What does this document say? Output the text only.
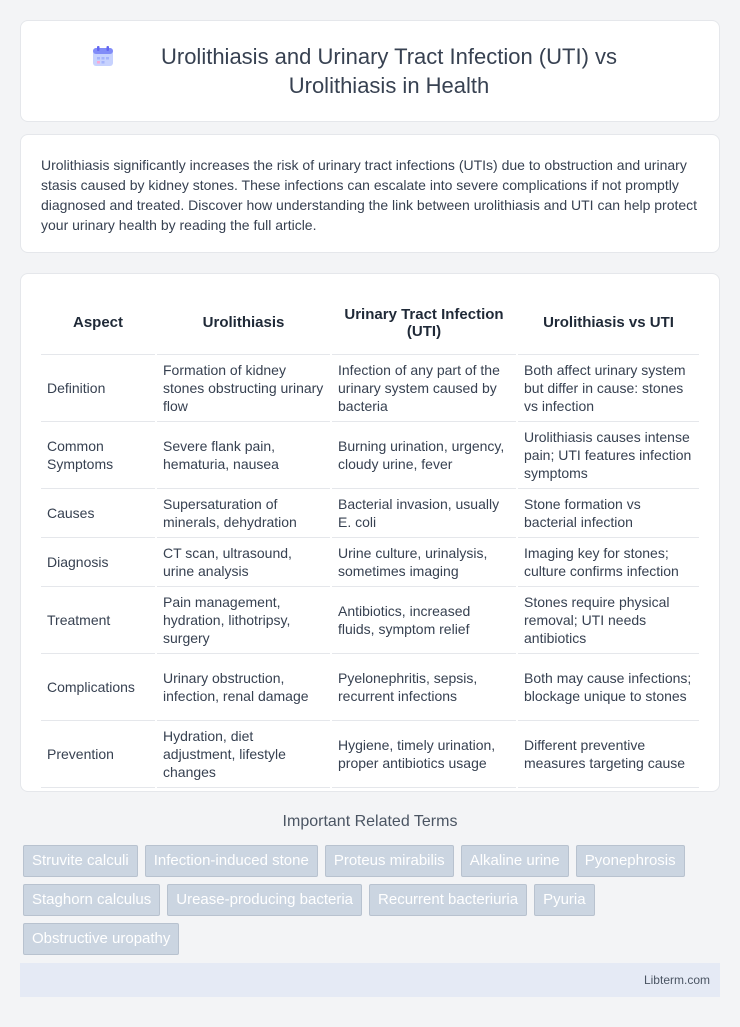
Urolithiasis and Urinary Tract Infection (UTI) vs Urolithiasis in Health

Urolithiasis significantly increases the risk of urinary tract infections (UTIs) due to obstruction and urinary stasis caused by kidney stones. These infections can escalate into severe complications if not promptly diagnosed and treated. Discover how understanding the link between urolithiasis and UTI can help protect your urinary health by reading the full article.

Aspect	Urolithiasis	Urinary Tract Infection (UTI)	Urolithiasis vs UTI
Definition	Formation of kidney stones obstructing urinary flow	Infection of any part of the urinary system caused by bacteria	Both affect urinary system but differ in cause: stones vs infection
Common Symptoms	Severe flank pain, hematuria, nausea	Burning urination, urgency, cloudy urine, fever	Urolithiasis causes intense pain; UTI features infection symptoms
Causes	Supersaturation of minerals, dehydration	Bacterial invasion, usually E. coli	Stone formation vs bacterial infection
Diagnosis	CT scan, ultrasound, urine analysis	Urine culture, urinalysis, sometimes imaging	Imaging key for stones; culture confirms infection
Treatment	Pain management, hydration, lithotripsy, surgery	Antibiotics, increased fluids, symptom relief	Stones require physical removal; UTI needs antibiotics
Complications	Urinary obstruction, infection, renal damage	Pyelonephritis, sepsis, recurrent infections	Both may cause infections; blockage unique to stones
Prevention	Hydration, diet adjustment, lifestyle changes	Hygiene, timely urination, proper antibiotics usage	Different preventive measures targeting cause
Important Related Terms
Struvite calculi	Infection-induced stone	Proteus mirabilis	Alkaline urine	Pyonephrosis
Staghorn calculus	Urease-producing bacteria	Recurrent bacteriuria	Pyuria
Obstructive uropathy
Libterm.com
